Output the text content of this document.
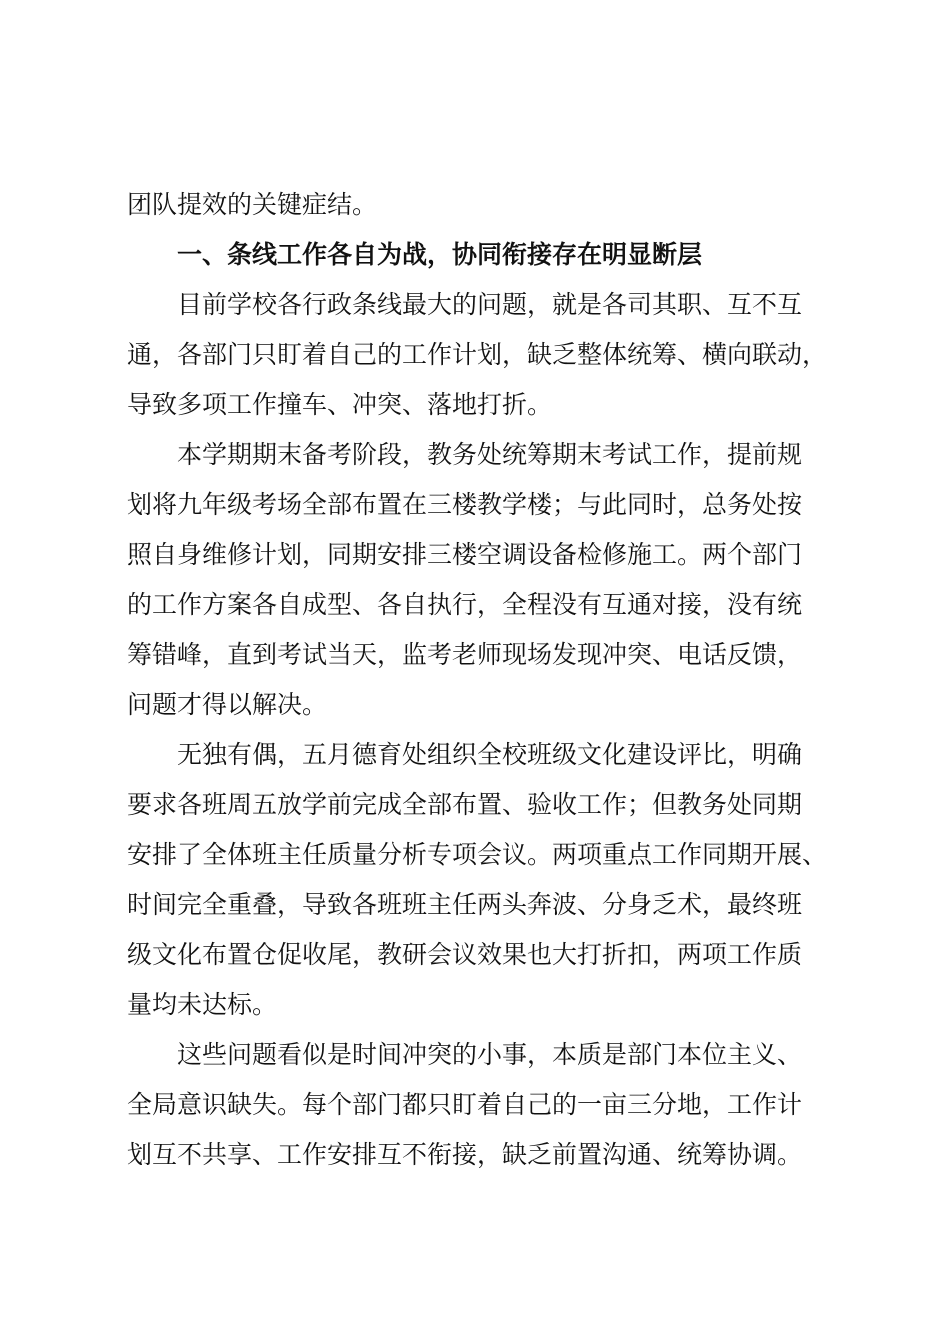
团队提效的关键症结。
一、条线工作各自为战，协同衔接存在明显断层
目前学校各行政条线最大的问题，就是各司其职、互不互
通，各部门只盯着自己的工作计划，缺乏整体统筹、横向联动，
导致多项工作撞车、冲突、落地打折。
本学期期末备考阶段，教务处统筹期末考试工作，提前规
划将九年级考场全部布置在三楼教学楼；与此同时，总务处按
照自身维修计划，同期安排三楼空调设备检修施工。两个部门
的工作方案各自成型、各自执行，全程没有互通对接，没有统
筹错峰，直到考试当天，监考老师现场发现冲突、电话反馈，
问题才得以解决。
无独有偶，五月德育处组织全校班级文化建设评比，明确
要求各班周五放学前完成全部布置、验收工作；但教务处同期
安排了全体班主任质量分析专项会议。两项重点工作同期开展、
时间完全重叠，导致各班班主任两头奔波、分身乏术，最终班
级文化布置仓促收尾，教研会议效果也大打折扣，两项工作质
量均未达标。
这些问题看似是时间冲突的小事，本质是部门本位主义、
全局意识缺失。每个部门都只盯着自己的一亩三分地，工作计
划互不共享、工作安排互不衔接，缺乏前置沟通、统筹协调。
